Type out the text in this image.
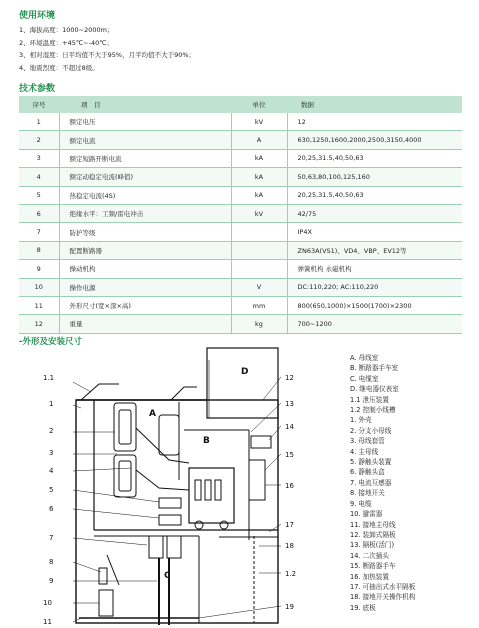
使用环境
1、海拔高度：1000~2000m；
2、环境温度：+45℃~-40℃；
3、相对湿度：日平均值不大于95%，月平均值不大于90%；
4、地震烈度：不超过8级。
技术参数
序号	项　目	单位	数据
1	额定电压	kV	12
2	额定电流	A	630,1250,1600,2000,2500,3150,4000
3	额定短路开断电流	kA	20,25,31.5,40,50,63
4	额定动稳定电流(峰值)	kA	50,63,80,100,125,160
5	热稳定电流(4S)	kA	20,25,31.5,40,50,63
6	绝缘水平：工频/雷电冲击	kV	42/75
7	防护等级		IP4X
8	配置断路器		ZN63A(VS1)、VD4、VBP、EV12等
9	操动机构		弹簧机构 永磁机构
10	操作电源	V	DC:110,220; AC:110,220
11	外形尺寸(宽×深×高)	mm	800(650,1000)×1500(1700)×2300
12	重量	kg	700~1200
-外形及安装尺寸
A
B
C
D
1.1
1
2
3
4
5
6
7
8
9
10
11
12
13
14
15
16
17
18
1.2
19
A. 母线室
B. 断路器手车室
C. 电缆室
D. 继电器仪表室
1.1 泄压装置
1.2 控制小线槽
1. 外壳
2. 分支小母线
3. 母线套管
4. 主母线
5. 静触头装置
6. 静触头盒
7. 电流互感器
8. 接地开关
9. 电缆
10. 避雷器
11. 接地主母线
12. 装卸式隔板
13. 隔板(活门)
14. 二次插头
15. 断路器手车
16. 加热装置
17. 可抽出式水平隔板
18. 接地开关操作机构
19. 底板
